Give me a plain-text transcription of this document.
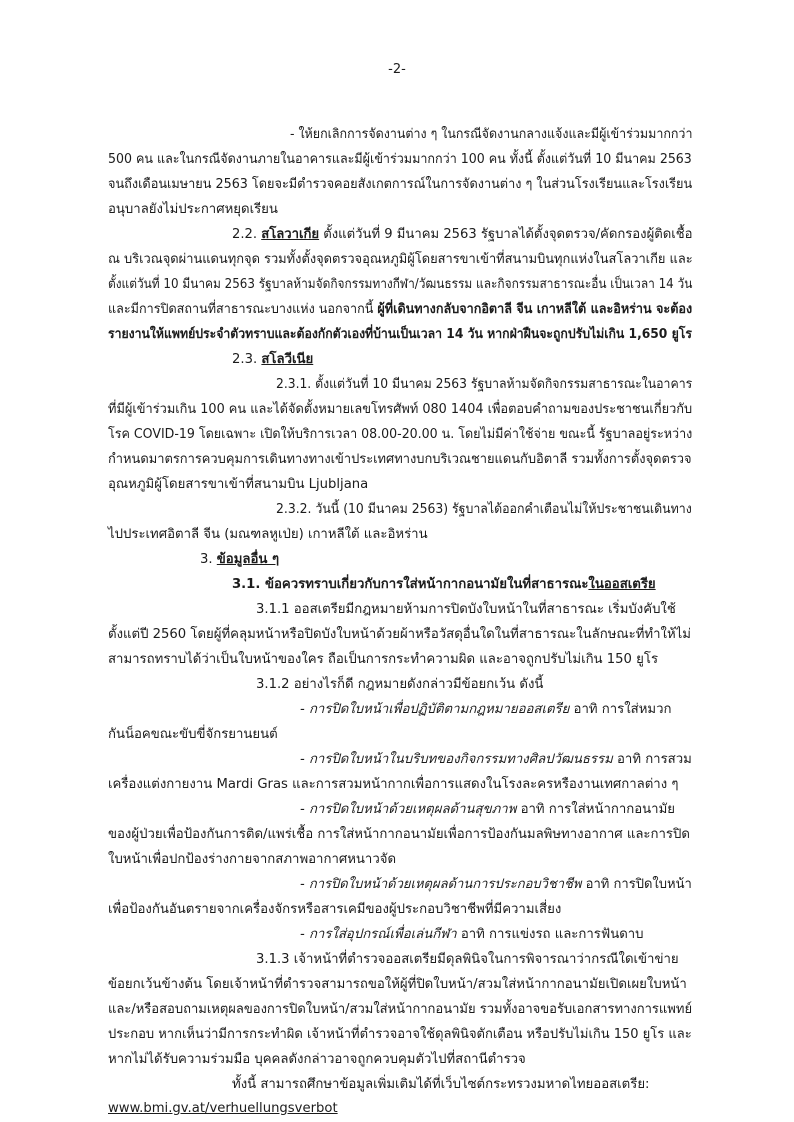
-2-
- ให้ยกเลิกการจัดงานต่าง ๆ ในกรณีจัดงานกลางแจ้งและมีผู้เข้าร่วมมากกว่า
500 คน และในกรณีจัดงานภายในอาคารและมีผู้เข้าร่วมมากกว่า 100 คน ทั้งนี้ ตั้งแต่วันที่ 10 มีนาคม 2563
จนถึงเดือนเมษายน 2563 โดยจะมีตำรวจคอยสังเกตการณ์ในการจัดงานต่าง ๆ ในส่วนโรงเรียนและโรงเรียน
อนุบาลยังไม่ประกาศหยุดเรียน
2.2. สโลวาเกีย ตั้งแต่วันที่ 9 มีนาคม 2563 รัฐบาลได้ตั้งจุดตรวจ/คัดกรองผู้ติดเชื้อ
ณ บริเวณจุดผ่านแดนทุกจุด รวมทั้งตั้งจุดตรวจอุณหภูมิผู้โดยสารขาเข้าที่สนามบินทุกแห่งในสโลวาเกีย และ
ตั้งแต่วันที่ 10 มีนาคม 2563 รัฐบาลห้ามจัดกิจกรรมทางกีฬา/วัฒนธรรม และกิจกรรมสาธารณะอื่น เป็นเวลา 14 วัน
และมีการปิดสถานที่สาธารณะบางแห่ง นอกจากนี้ ผู้ที่เดินทางกลับจากอิตาลี จีน เกาหลีใต้ และอิหร่าน จะต้อง
รายงานให้แพทย์ประจำตัวทราบและต้องกักตัวเองที่บ้านเป็นเวลา 14 วัน หากฝ่าฝืนจะถูกปรับไม่เกิน 1,650 ยูโร
2.3. สโลวีเนีย
2.3.1. ตั้งแต่วันที่ 10 มีนาคม 2563 รัฐบาลห้ามจัดกิจกรรมสาธารณะในอาคาร
ที่มีผู้เข้าร่วมเกิน 100 คน และได้จัดตั้งหมายเลขโทรศัพท์ 080 1404 เพื่อตอบคำถามของประชาชนเกี่ยวกับ
โรค COVID-19 โดยเฉพาะ เปิดให้บริการเวลา 08.00-20.00 น. โดยไม่มีค่าใช้จ่าย ขณะนี้ รัฐบาลอยู่ระหว่าง
กำหนดมาตรการควบคุมการเดินทางทางเข้าประเทศทางบกบริเวณชายแดนกับอิตาลี รวมทั้งการตั้งจุดตรวจ
อุณหภูมิผู้โดยสารขาเข้าที่สนามบิน Ljubljana
2.3.2. วันนี้ (10 มีนาคม 2563) รัฐบาลได้ออกคำเตือนไม่ให้ประชาชนเดินทาง
ไปประเทศอิตาลี จีน (มณฑลหูเป่ย) เกาหลีใต้ และอิหร่าน
3. ข้อมูลอื่น ๆ
3.1. ข้อควรทราบเกี่ยวกับการใส่หน้ากากอนามัยในที่สาธารณะในออสเตรีย
3.1.1 ออสเตรียมีกฎหมายห้ามการปิดบังใบหน้าในที่สาธารณะ เริ่มบังคับใช้
ตั้งแต่ปี 2560 โดยผู้ที่คลุมหน้าหรือปิดบังใบหน้าด้วยผ้าหรือวัสดุอื่นใดในที่สาธารณะในลักษณะที่ทำให้ไม่
สามารถทราบได้ว่าเป็นใบหน้าของใคร ถือเป็นการกระทำความผิด และอาจถูกปรับไม่เกิน 150 ยูโร
3.1.2 อย่างไรก็ดี กฎหมายดังกล่าวมีข้อยกเว้น ดังนี้
- การปิดใบหน้าเพื่อปฏิบัติตามกฎหมายออสเตรีย อาทิ การใส่หมวก
กันน็อคขณะขับขี่จักรยานยนต์
- การปิดใบหน้าในบริบทของกิจกรรมทางศิลปวัฒนธรรม อาทิ การสวม
เครื่องแต่งกายงาน Mardi Gras และการสวมหน้ากากเพื่อการแสดงในโรงละครหรืองานเทศกาลต่าง ๆ
- การปิดใบหน้าด้วยเหตุผลด้านสุขภาพ อาทิ การใส่หน้ากากอนามัย
ของผู้ป่วยเพื่อป้องกันการติด/แพร่เชื้อ การใส่หน้ากากอนามัยเพื่อการป้องกันมลพิษทางอากาศ และการปิด
ใบหน้าเพื่อปกป้องร่างกายจากสภาพอากาศหนาวจัด
- การปิดใบหน้าด้วยเหตุผลด้านการประกอบวิชาชีพ อาทิ การปิดใบหน้า
เพื่อป้องกันอันตรายจากเครื่องจักรหรือสารเคมีของผู้ประกอบวิชาชีพที่มีความเสี่ยง
- การใส่อุปกรณ์เพื่อเล่นกีฬา อาทิ การแข่งรถ และการฟันดาบ
3.1.3 เจ้าหน้าที่ตำรวจออสเตรียมีดุลพินิจในการพิจารณาว่ากรณีใดเข้าข่าย
ข้อยกเว้นข้างต้น โดยเจ้าหน้าที่ตำรวจสามารถขอให้ผู้ที่ปิดใบหน้า/สวมใส่หน้ากากอนามัยเปิดเผยใบหน้า
และ/หรือสอบถามเหตุผลของการปิดใบหน้า/สวมใส่หน้ากากอนามัย รวมทั้งอาจขอรับเอกสารทางการแพทย์
ประกอบ หากเห็นว่ามีการกระทำผิด เจ้าหน้าที่ตำรวจอาจใช้ดุลพินิจตักเตือน หรือปรับไม่เกิน 150 ยูโร และ
หากไม่ได้รับความร่วมมือ บุคคลดังกล่าวอาจถูกควบคุมตัวไปที่สถานีตำรวจ
ทั้งนี้ สามารถศึกษาข้อมูลเพิ่มเติมได้ที่เว็บไซต์กระทรวงมหาดไทยออสเตรีย:
www.bmi.gv.at/verhuellungsverbot
